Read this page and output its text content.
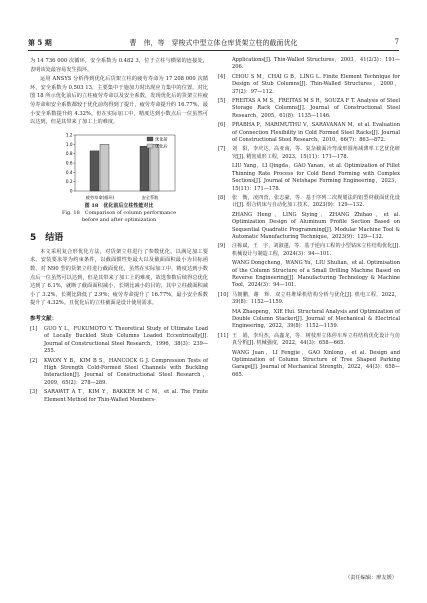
第 5 期	曹　伟，等　穿梭式中型立体仓库货架立柱的截面优化	7

为 14 736 000 次循环，安全系数为 0.482 3，位于立柱与横梁的连接处，表明该处最容易发生损坏。

运用 ANSYS 分析得到优化后货架立柱的疲劳寿命为 17 208 000 次循环，安全系数为 0.503 13，主要集中于施加力时出现应力集中的位置。对比图 18 所示优化前后的立柱疲劳寿命以及安全系数，发现优化后的货架立柱疲劳寿命和安全系数都较于优化前均得到了提升，疲劳寿命提升约 16.77%，最小安全系数提升约 4.32%。但在实际加工中，精度达到小数点后一位虽然可以达到，但是其带来了加工上的难度。

0
0.2
0.4
0.6
0.8
1.0
1.2
疲劳寿命(循环)	安全系数
优化前
优化后
图 18　优化前后立柱性能对比
Fig. 18　Comparison of column performance
before and after optimization
5　结语

本文采用复合形优化方法，对货架立柱进行了参数优化。以满足加工要求、安装要求等为约束条件，以截面惯性矩最大以及截面面积最小为目标函数，对 N90 型的货架立柱进行截面优化，虽然在实际加工中，精度达到小数点后一位虽然可以达到，但是其带来了加工上的难度，故选参数后续得总优化达到了 6.1%，就断了截面面积减小，长期比减小的目的，其中立柱截面积减小了 3.2%，长期比降低了 2.9%；疲劳寿命提升了 16.77%，最小安全系数提升了 4.32%。且优化后的立柱截面是设计使用需求。

参考文献：
[1] GUO Y L，FUKUMOTO Y. Theoretical Study of Ultimate Load of Locally Buckled Stub Columns Loaded Eccentrically[J]. Journal of Constructional Steel Research，1996，38(3)：239—255.
[2] KWON Y B，KIM B S，HANCOCK G J. Compression Tests of High Strength Cold-Formed Steel Channels with Buckling Interaction[J]. Journal of Constructional Steel Research，2009，65(2)：278—289.
[3] SARAWIT A T，KIM Y，BAKKER M C M，et al. The Finite Element Method for Thin-Walled Members-
Applications[J]. Thin-Walled Structures，2003，41(2/3)：191—206.
[4] CHOU S M，CHAI G B，LING L. Finite Element Technique for Design of Stub Columns[J]. Thin-Walled Structures，2000，37(2)：97—112.
[5] FREITAS A M S，FREITAS M S R，SOUZA F T. Analysis of Steel Storage Rack Columns[J]. Journal of Constructional Steel Research，2005，61(8)：1135—1146.
[6] PRABHA P，MARIMUTHU V，SARAVANAN M，et al. Evaluation of Connection Flexibility in Cold Formed Steel Racks[J]. Journal of Constructional Steel Research，2010，66(7)：863—872.
[7] 刘　阳，李庆达，高亚南，等．复杂截面冷弯成形圆角减薄率工艺优化研究[J]. 精密成形工程，2023，15(11)：171—178.
LIU Yang，LI Qingda，GAO Yanan，et al. Optimization of Fillet Thinning Rate Process for Cold Bend Forming with Complex Sections[J]. Journal of Netshape Forming Engineering，2023，15(11)：171—178.
[8] 张　衡，凌四营，张志豪，等．基于序列二次规划法的铝型材截面优化设计[J]. 组合机床与自动化加工技术，2023(9)：129—132.
ZHANG Heng，LING Siying，ZHANG Zhihao，et al. Optimization Design of Aluminum Profile Section Based on Sequential Quadratic Programming[J]. Modular Machine Tool & Automatic Manufacturing Technique，2023(9)：129—132.
[9] 汪栋斌，王　宇，刘淑蓬，等．基于逆向工程的小型钻床立柱结构优化[J]. 机械设计与制造工程，2024(3)：94—101.
WANG Dongcheng，WANG Yu，LIU Shulian，et al. Optimisation of the Column Structure of a Small Drilling Machine Based on Reverse Engineering[J]. Manufacturing Technology & Machine Tool，2024(3)：94—101.
[10] 马朝鹏，谢　辉．双立柱堆垛机结构分析与优化[J]. 机电工程，2022，39(8)：1152—1159.
MA Zhaopeng，XIE Hui. Structural Analysis and Optimization of Double Column Stacker[J]. Journal of Mechanical & Electrical Engineering，2022，39(8)：1152—1159.
[11] 王　娟，李玛杰，高鑫龙，等．树枝形立体停车库立柱结构优化设计与仿真分析[J]. 机械强度，2022，44(3)：658—665.
WANG Juan，LI Fengjie，GAO Xinlong，et al. Design and Optimization of Column Structure of Tree Shaped Parking Garage[J]. Journal of Mechanical Strength，2022，44(3)：658—665.
（责任编辑：廖友媛）
